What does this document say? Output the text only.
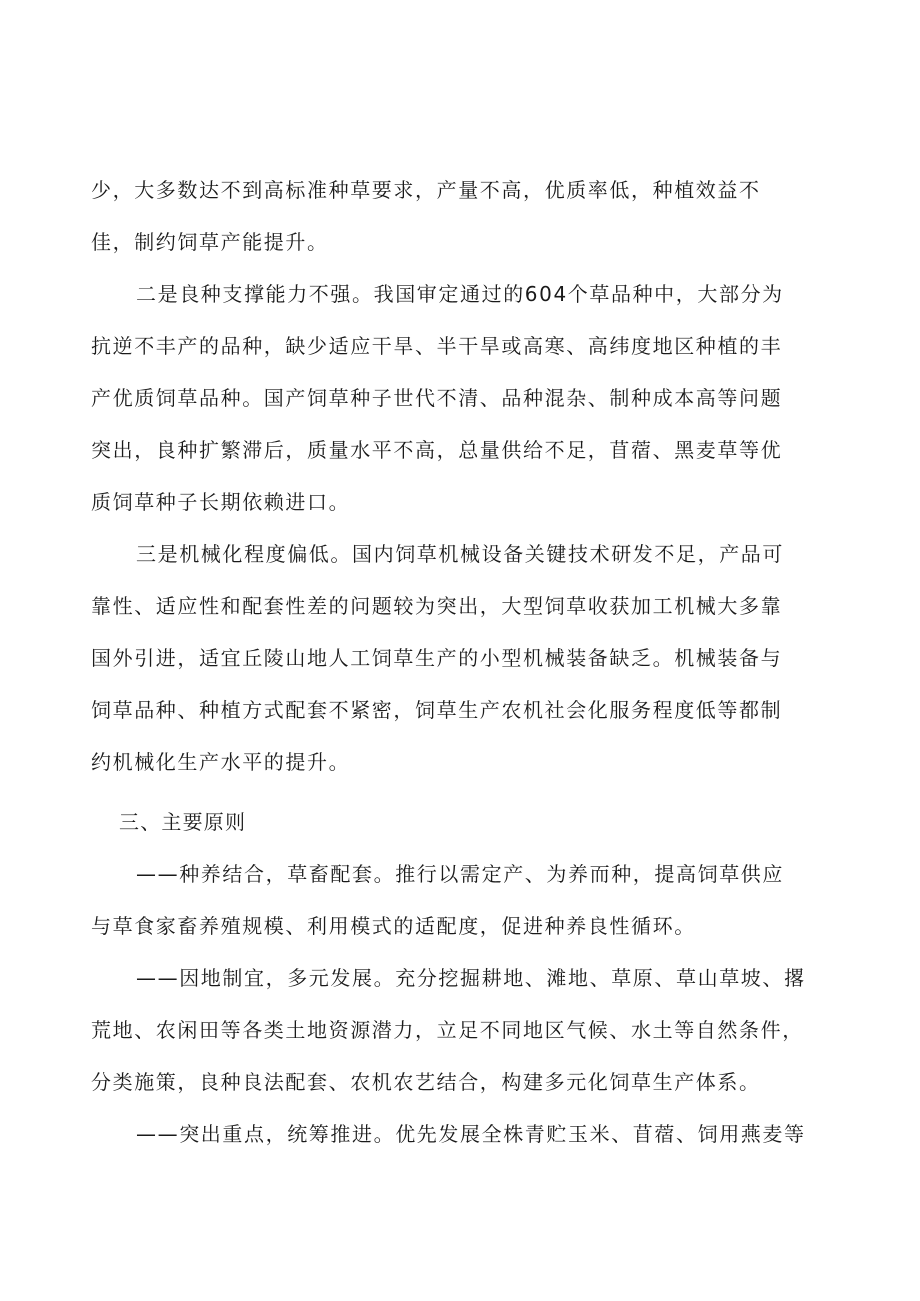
少，大多数达不到高标准种草要求，产量不高，优质率低，种植效益不

佳，制约饲草产能提升。

二是良种支撑能力不强。我国审定通过的604个草品种中，大部分为

抗逆不丰产的品种，缺少适应干旱、半干旱或高寒、高纬度地区种植的丰

产优质饲草品种。国产饲草种子世代不清、品种混杂、制种成本高等问题

突出，良种扩繁滞后，质量水平不高，总量供给不足，苜蓿、黑麦草等优

质饲草种子长期依赖进口。

三是机械化程度偏低。国内饲草机械设备关键技术研发不足，产品可

靠性、适应性和配套性差的问题较为突出，大型饲草收获加工机械大多靠

国外引进，适宜丘陵山地人工饲草生产的小型机械装备缺乏。机械装备与

饲草品种、种植方式配套不紧密，饲草生产农机社会化服务程度低等都制

约机械化生产水平的提升。

三、主要原则

——种养结合，草畜配套。推行以需定产、为养而种，提高饲草供应

与草食家畜养殖规模、利用模式的适配度，促进种养良性循环。

——因地制宜，多元发展。充分挖掘耕地、滩地、草原、草山草坡、撂

荒地、农闲田等各类土地资源潜力，立足不同地区气候、水土等自然条件，

分类施策，良种良法配套、农机农艺结合，构建多元化饲草生产体系。

——突出重点，统筹推进。优先发展全株青贮玉米、苜蓿、饲用燕麦等
